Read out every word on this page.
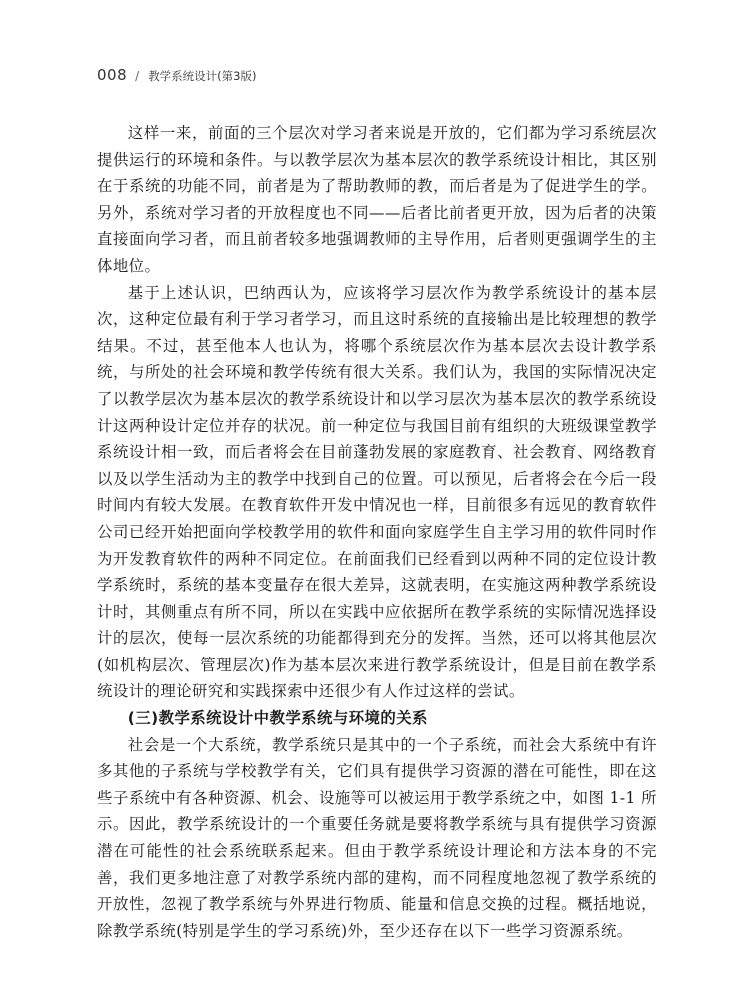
008 / 教学系统设计(第3版)

这样一来，前面的三个层次对学习者来说是开放的，它们都为学习系统层次提供运行的环境和条件。与以教学层次为基本层次的教学系统设计相比，其区别在于系统的功能不同，前者是为了帮助教师的教，而后者是为了促进学生的学。另外，系统对学习者的开放程度也不同——后者比前者更开放，因为后者的决策直接面向学习者，而且前者较多地强调教师的主导作用，后者则更强调学生的主体地位。

基于上述认识，巴纳西认为，应该将学习层次作为教学系统设计的基本层次，这种定位最有利于学习者学习，而且这时系统的直接输出是比较理想的教学结果。不过，甚至他本人也认为，将哪个系统层次作为基本层次去设计教学系统，与所处的社会环境和教学传统有很大关系。我们认为，我国的实际情况决定了以教学层次为基本层次的教学系统设计和以学习层次为基本层次的教学系统设计这两种设计定位并存的状况。前一种定位与我国目前有组织的大班级课堂教学系统设计相一致，而后者将会在目前蓬勃发展的家庭教育、社会教育、网络教育以及以学生活动为主的教学中找到自己的位置。可以预见，后者将会在今后一段时间内有较大发展。在教育软件开发中情况也一样，目前很多有远见的教育软件公司已经开始把面向学校教学用的软件和面向家庭学生自主学习用的软件同时作为开发教育软件的两种不同定位。在前面我们已经看到以两种不同的定位设计教学系统时，系统的基本变量存在很大差异，这就表明，在实施这两种教学系统设计时，其侧重点有所不同，所以在实践中应依据所在教学系统的实际情况选择设计的层次，使每一层次系统的功能都得到充分的发挥。当然，还可以将其他层次(如机构层次、管理层次)作为基本层次来进行教学系统设计，但是目前在教学系统设计的理论研究和实践探索中还很少有人作过这样的尝试。

(三)教学系统设计中教学系统与环境的关系

社会是一个大系统，教学系统只是其中的一个子系统，而社会大系统中有许多其他的子系统与学校教学有关，它们具有提供学习资源的潜在可能性，即在这些子系统中有各种资源、机会、设施等可以被运用于教学系统之中，如图 1-1 所示。因此，教学系统设计的一个重要任务就是要将教学系统与具有提供学习资源潜在可能性的社会系统联系起来。但由于教学系统设计理论和方法本身的不完善，我们更多地注意了对教学系统内部的建构，而不同程度地忽视了教学系统的开放性，忽视了教学系统与外界进行物质、能量和信息交换的过程。概括地说，除教学系统(特别是学生的学习系统)外，至少还存在以下一些学习资源系统。
